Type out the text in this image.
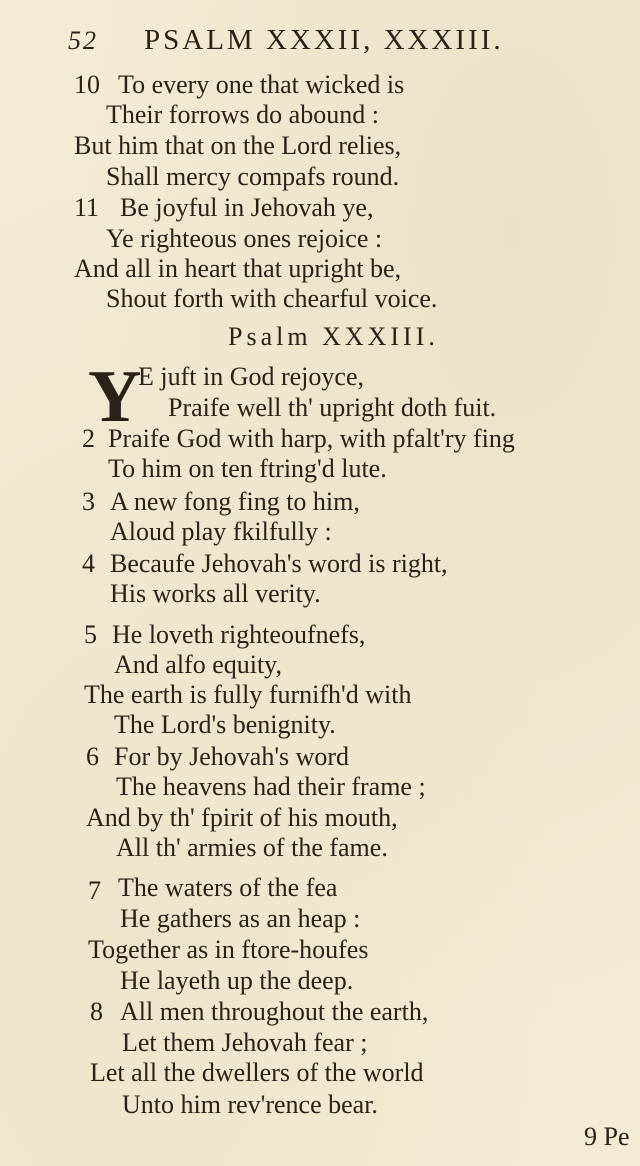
52 PSALM XXXII, XXXIII.
10 To every one that wicked is
Their forrows do abound :
But him that on the Lord relies,
Shall mercy compafs round.
11 Be joyful in Jehovah ye,
Ye righteous ones rejoice :
And all in heart that upright be,
Shout forth with chearful voice.
Psalm XXXIII.
Y
E juft in God rejoyce,
Praife well th' upright doth fuit.
2 Praife God with harp, with pfalt'ry fing
To him on ten ftring'd lute.
3 A new fong fing to him,
Aloud play fkilfully :
4 Becaufe Jehovah's word is right,
His works all verity.
5 He loveth righteoufnefs,
And alfo equity,
The earth is fully furnifh'd with
The Lord's benignity.
6 For by Jehovah's word
The heavens had their frame ;
And by th' fpirit of his mouth,
All th' armies of the fame.
7 The waters of the fea
He gathers as an heap :
Together as in ftore-houfes
He layeth up the deep.
8 All men throughout the earth,
Let them Jehovah fear ;
Let all the dwellers of the world
Unto him rev'rence bear.
9 Pe
